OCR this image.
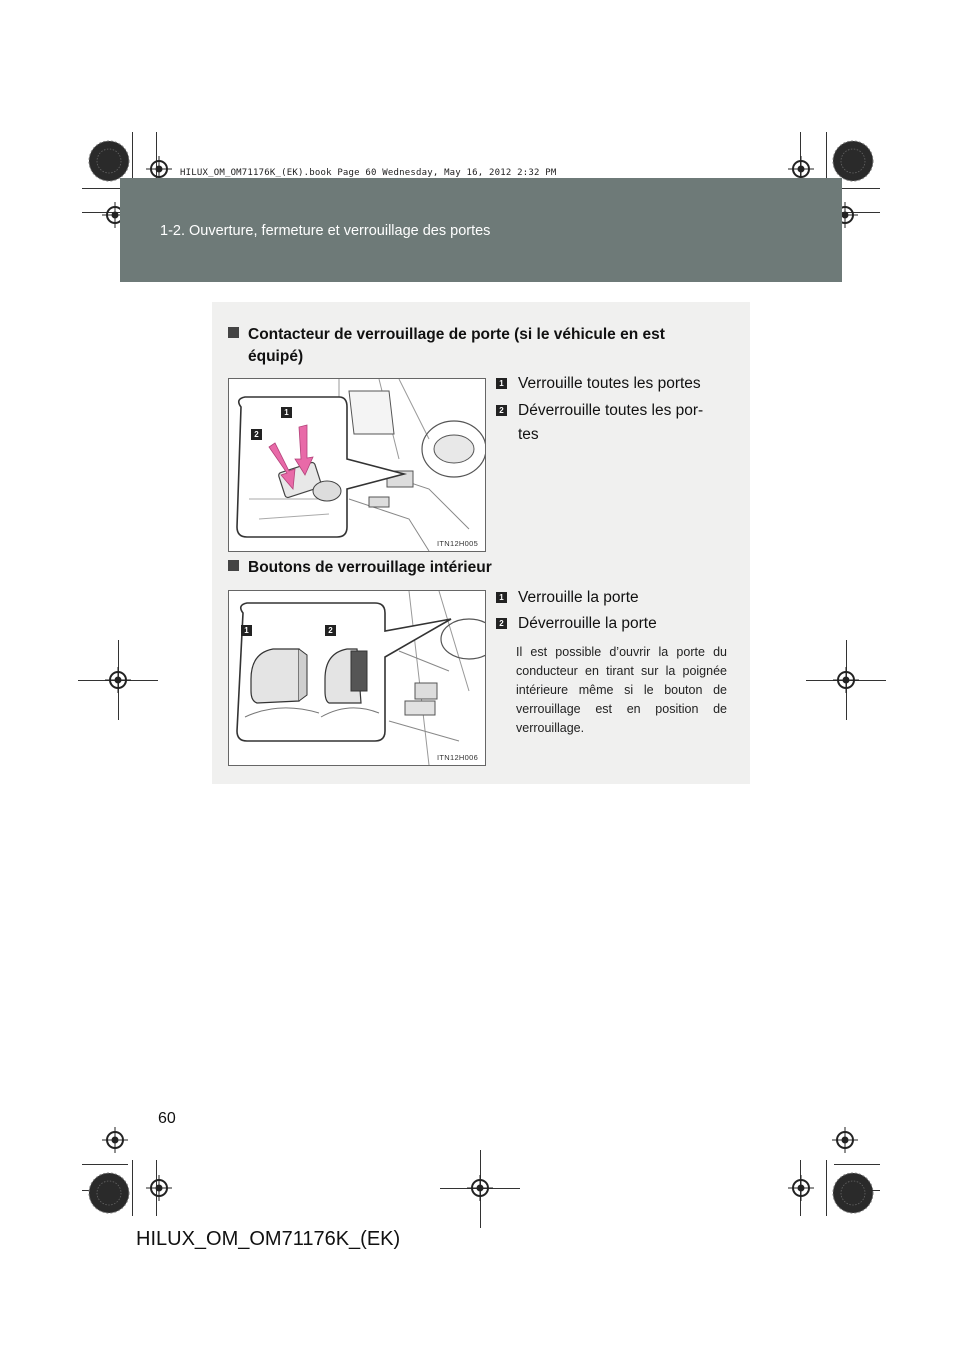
HILUX_OM_OM71176K_(EK).book Page 60 Wednesday, May 16, 2012 2:32 PM
1-2. Ouverture, fermeture et verrouillage des portes
Contacteur de verrouillage de porte (si le véhicule en est
équipé)
1
2
ITN12H005
1 Verrouille toutes les portes
2 Déverrouille toutes les por-
tes
Boutons de verrouillage intérieur
1	2
ITN12H006
1 Verrouille la porte
2 Déverrouille la porte
Il est possible d’ouvrir la porte du conducteur en tirant sur la poignée intérieure même si le bouton de verrouillage est en position de verrouillage.
60
HILUX_OM_OM71176K_(EK)
